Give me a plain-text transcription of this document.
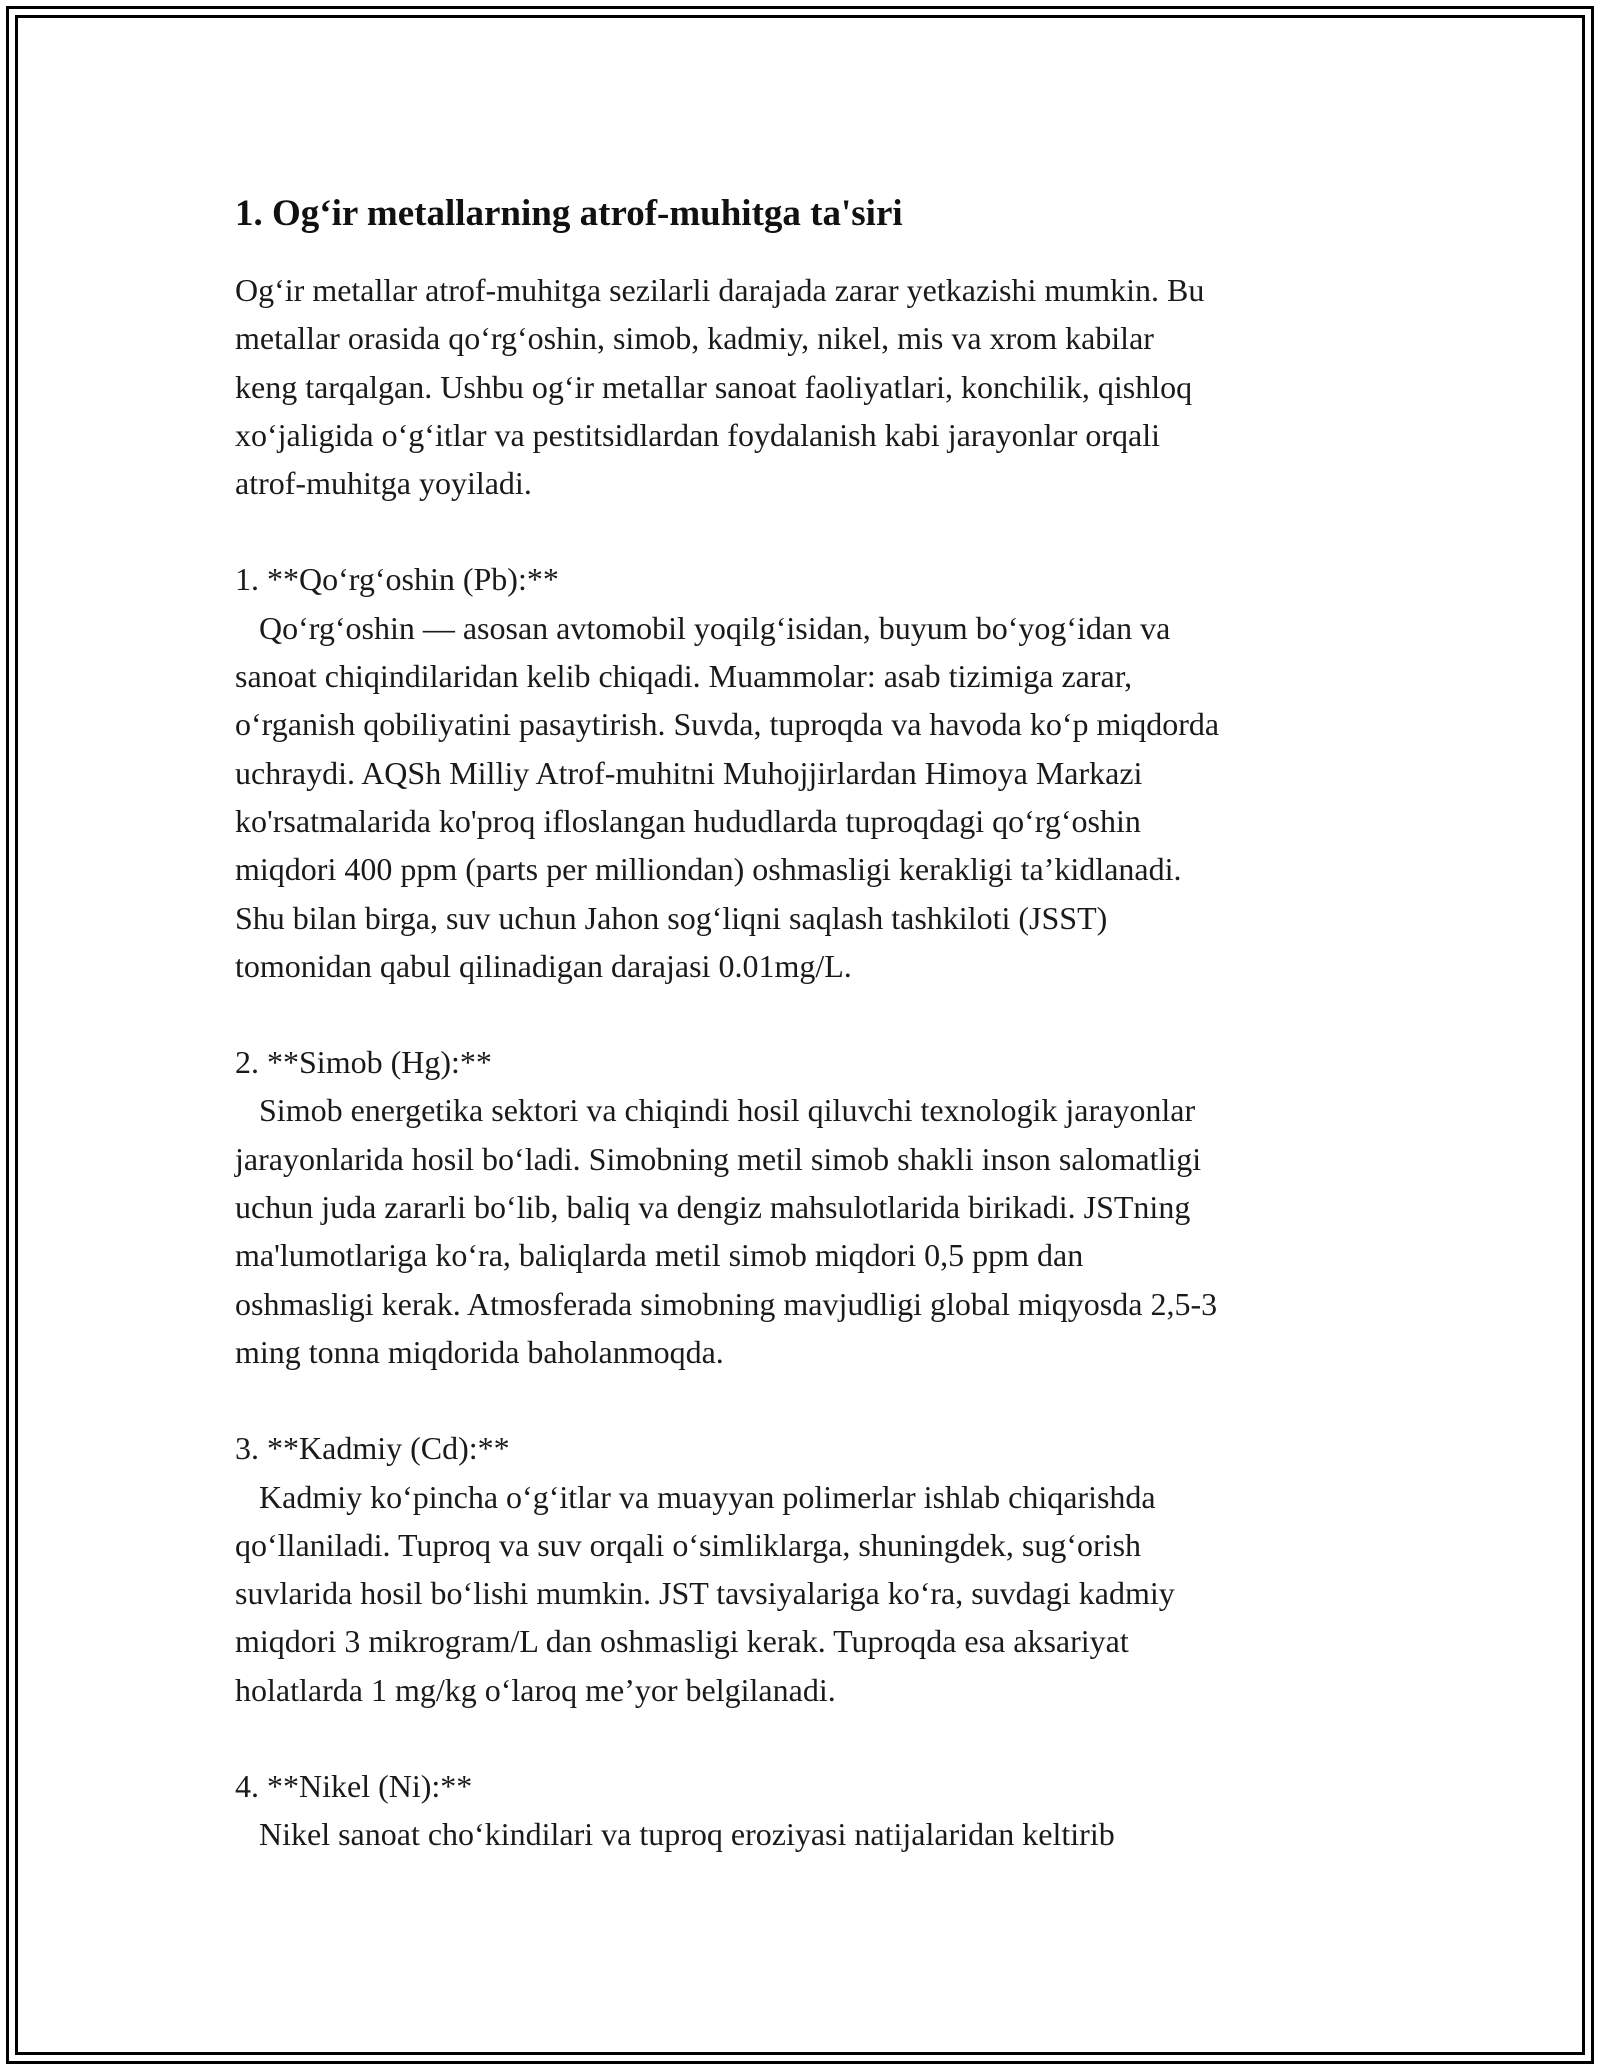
1. Og‘ir metallarning atrof-muhitga ta'siri

Og‘ir metallar atrof-muhitga sezilarli darajada zarar yetkazishi mumkin. Bu
metallar orasida qo‘rg‘oshin, simob, kadmiy, nikel, mis va xrom kabilar
keng tarqalgan. Ushbu og‘ir metallar sanoat faoliyatlari, konchilik, qishloq
xo‘jaligida o‘g‘itlar va pestitsidlardan foydalanish kabi jarayonlar orqali
atrof-muhitga yoyiladi.

1. **Qo‘rg‘oshin (Pb):**

Qo‘rg‘oshin — asosan avtomobil yoqilg‘isidan, buyum bo‘yog‘idan va
sanoat chiqindilaridan kelib chiqadi. Muammolar: asab tizimiga zarar,
o‘rganish qobiliyatini pasaytirish. Suvda, tuproqda va havoda ko‘p miqdorda
uchraydi. AQSh Milliy Atrof-muhitni Muhojjirlardan Himoya Markazi
ko'rsatmalarida ko'proq ifloslangan hududlarda tuproqdagi qo‘rg‘oshin
miqdori 400 ppm (parts per milliondan) oshmasligi kerakligi ta’kidlanadi.
Shu bilan birga, suv uchun Jahon sog‘liqni saqlash tashkiloti (JSST)
tomonidan qabul qilinadigan darajasi 0.01mg/L.

2. **Simob (Hg):**

Simob energetika sektori va chiqindi hosil qiluvchi texnologik jarayonlar
jarayonlarida hosil bo‘ladi. Simobning metil simob shakli inson salomatligi
uchun juda zararli bo‘lib, baliq va dengiz mahsulotlarida birikadi. JSTning
ma'lumotlariga ko‘ra, baliqlarda metil simob miqdori 0,5 ppm dan
oshmasligi kerak. Atmosferada simobning mavjudligi global miqyosda 2,5-3
ming tonna miqdorida baholanmoqda.

3. **Kadmiy (Cd):**

Kadmiy ko‘pincha o‘g‘itlar va muayyan polimerlar ishlab chiqarishda
qo‘llaniladi. Tuproq va suv orqali o‘simliklarga, shuningdek, sug‘orish
suvlarida hosil bo‘lishi mumkin. JST tavsiyalariga ko‘ra, suvdagi kadmiy
miqdori 3 mikrogram/L dan oshmasligi kerak. Tuproqda esa aksariyat
holatlarda 1 mg/kg o‘laroq me’yor belgilanadi.

4. **Nikel (Ni):**

Nikel sanoat cho‘kindilari va tuproq eroziyasi natijalaridan keltirib
